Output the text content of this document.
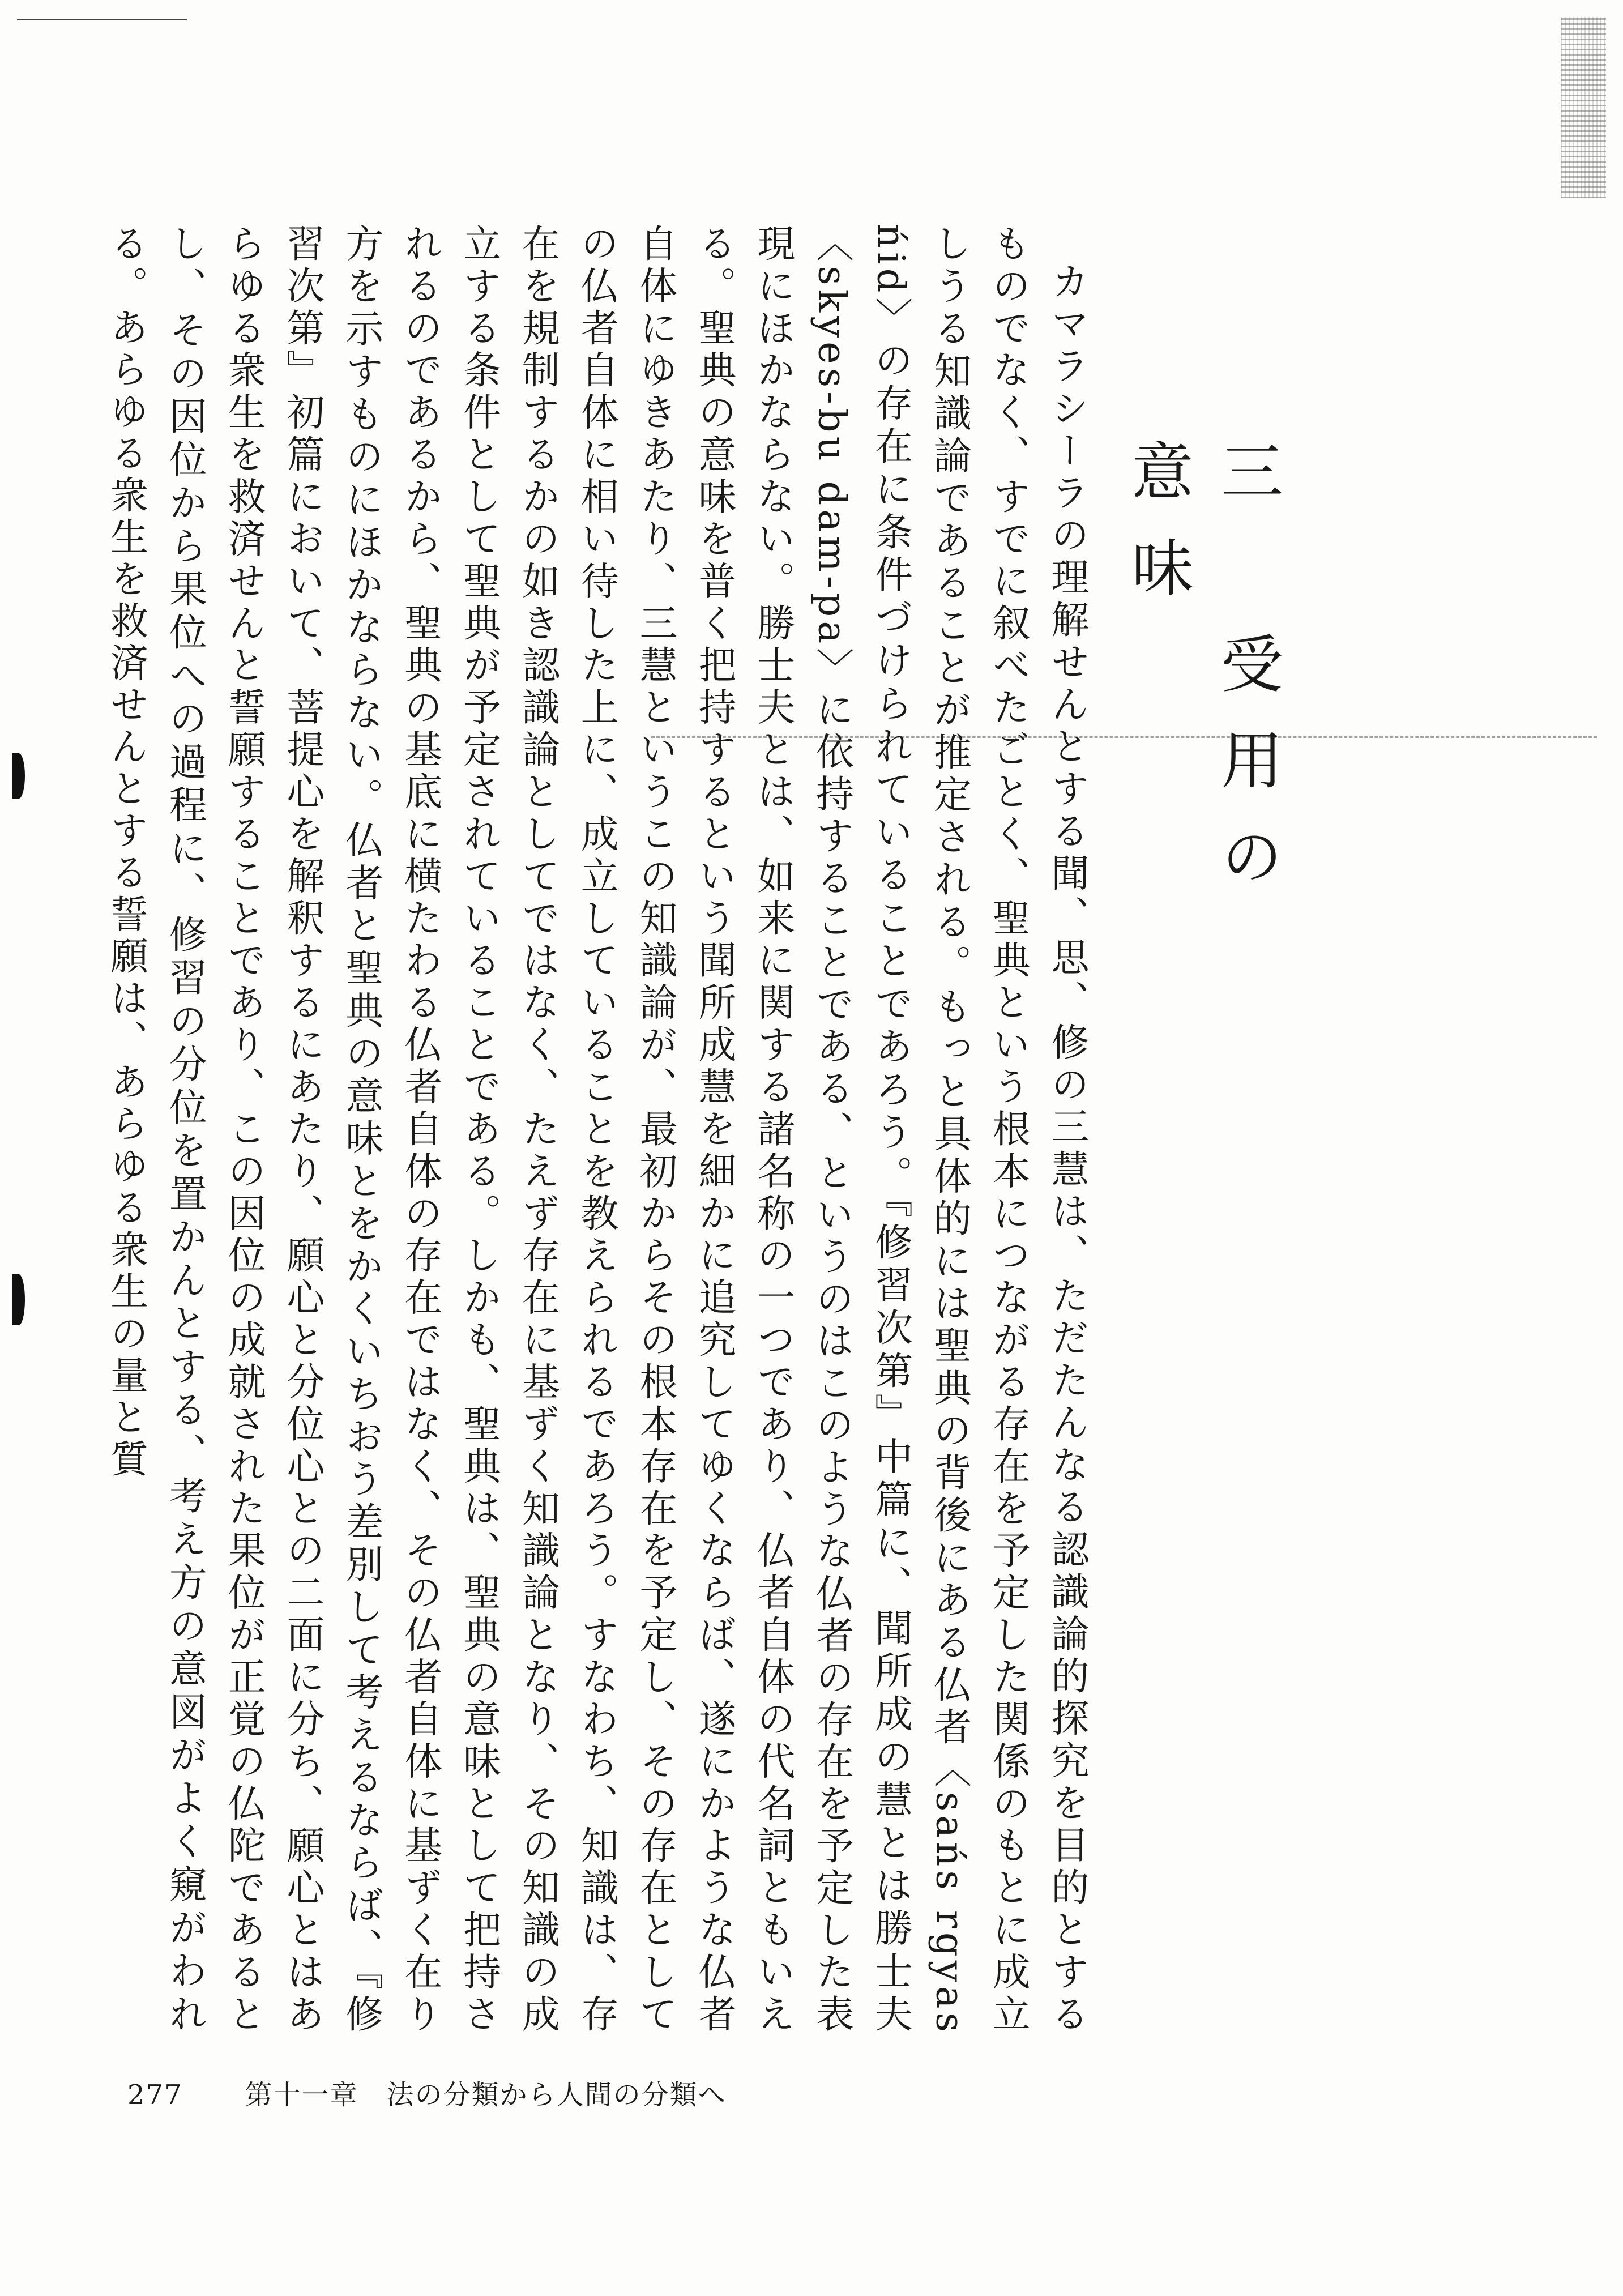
三　受用の意味

カマラシーラの理解せんとする聞、思、修の三慧は、ただたんなる認識論的探究を目的とするものでなく、すでに叙べたごとく、聖典という根本につながる存在を予定した関係のもとに成立しうる知識論であることが推定される。もっと具体的には聖典の背後にある仏者〈sańs rgyas ńid〉の存在に条件づけられていることであろう。『修習次第』中篇に、聞所成の慧とは勝士夫〈skyes-bu dam-pa〉に依持することである、というのはこのような仏者の存在を予定した表現にほかならない。勝士夫とは、如来に関する諸名称の一つであり、仏者自体の代名詞ともいえる。聖典の意味を普く把持するという聞所成慧を細かに追究してゆくならば、遂にかような仏者自体にゆきあたり、三慧というこの知識論が、最初からその根本存在を予定し、その存在としての仏者自体に相い待した上に、成立していることを教えられるであろう。すなわち、知識は、存在を規制するかの如き認識論としてではなく、たえず存在に基ずく知識論となり、その知識の成立する条件として聖典が予定されていることである。しかも、聖典は、聖典の意味として把持されるのであるから、聖典の基底に横たわる仏者自体の存在ではなく、その仏者自体に基ずく在り方を示すものにほかならない。仏者と聖典の意味とをかくいちおう差別して考えるならば、『修習次第』初篇において、菩提心を解釈するにあたり、願心と分位心との二面に分ち、願心とはあらゆる衆生を救済せんと誓願することであり、この因位の成就された果位が正覚の仏陀であるとし、その因位から果位への過程に、修習の分位を置かんとする、考え方の意図がよく窺がわれる。あらゆる衆生を救済せんとする誓願は、あらゆる衆生の量と質

277 第十一章　法の分類から人間の分類へ
